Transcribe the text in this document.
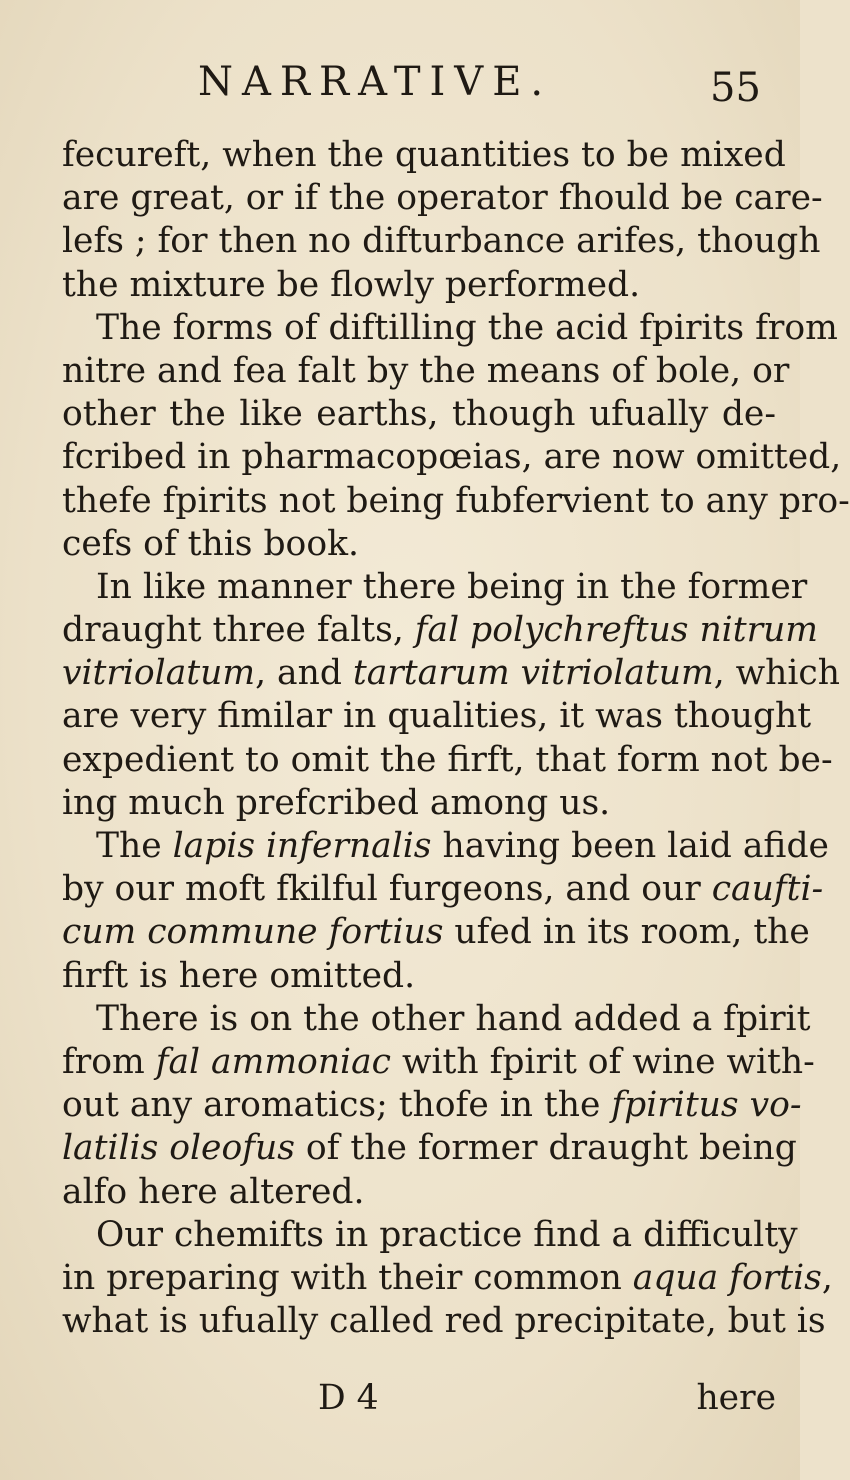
NARRATIVE.	55
fecureft, when the quantities to be mixed
are great, or if the operator fhould be care-
lefs ; for then no difturbance arifes, though
the mixture be flowly performed.
The forms of diftilling the acid fpirits from
nitre and fea falt by the means of bole, or
other the like earths, though ufually de-
fcribed in pharmacopœias, are now omitted,
thefe fpirits not being fubfervient to any pro-
cefs of this book.
In like manner there being in the former
draught three falts, fal polychreftus nitrum
vitriolatum, and tartarum vitriolatum, which
are very fimilar in qualities, it was thought
expedient to omit the firft, that form not be-
ing much prefcribed among us.
The lapis infernalis having been laid afide
by our moft fkilful furgeons, and our caufti-
cum commune fortius ufed in its room, the
firft is here omitted.
There is on the other hand added a fpirit
from fal ammoniac with fpirit of wine with-
out any aromatics; thofe in the fpiritus vo-
latilis oleofus of the former draught being
alfo here altered.
Our chemifts in practice find a difficulty
in preparing with their common aqua fortis,
what is ufually called red precipitate, but is
D 4	here
